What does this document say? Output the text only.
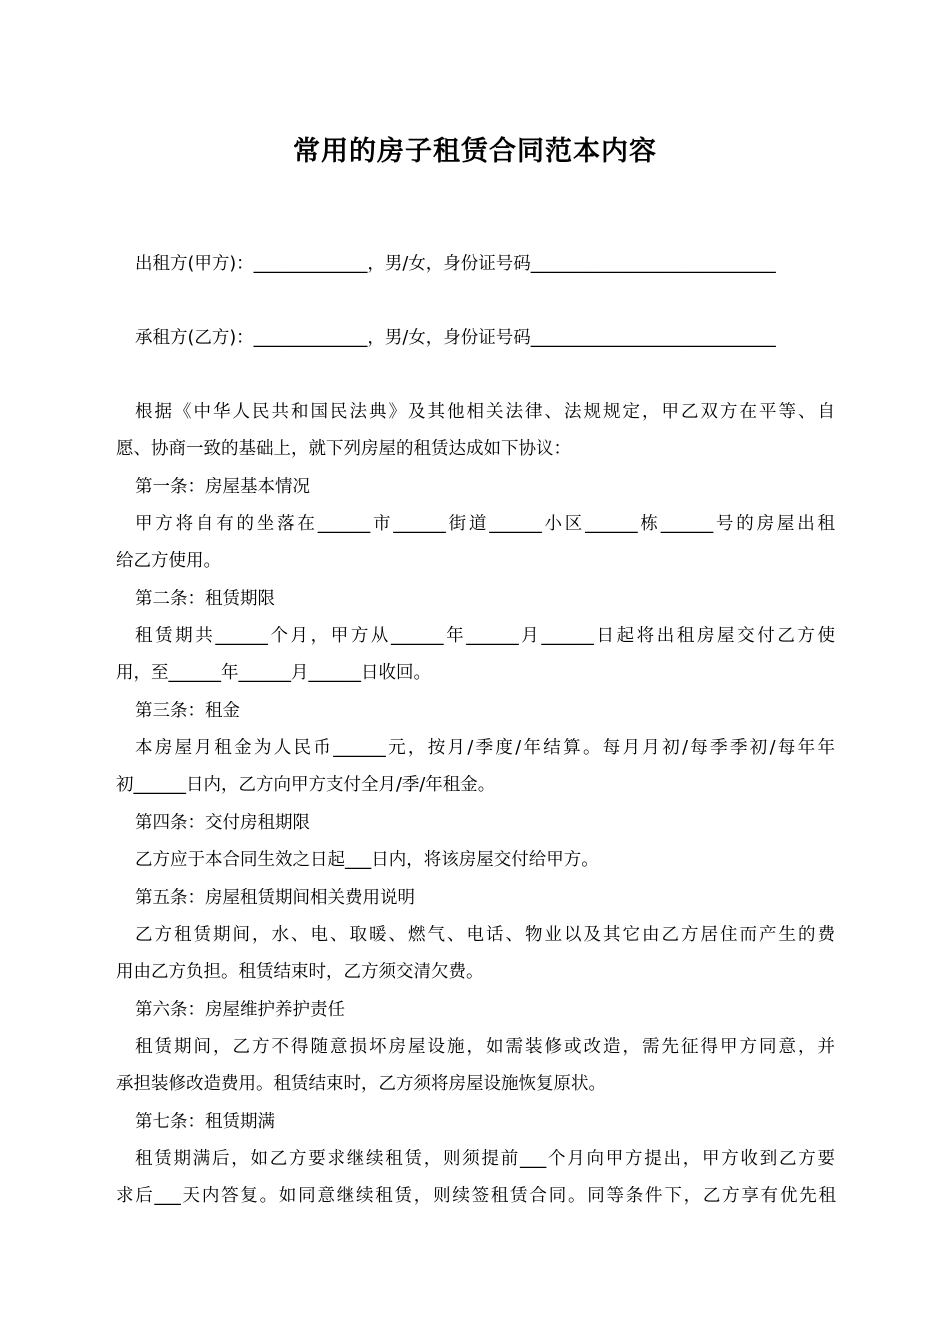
常用的房子租赁合同范本内容

出租方(甲方)：_____________，男/女，身份证号码____________________________

承租方(乙方)：_____________，男/女，身份证号码____________________________

根据《中华人民共和国民法典》及其他相关法律、法规规定，甲乙双方在平等、自

愿、协商一致的基础上，就下列房屋的租赁达成如下协议：

第一条：房屋基本情况

甲方将自有的坐落在______市______街道______小区______栋______号的房屋出租

给乙方使用。

第二条：租赁期限

租赁期共______个月，甲方从______年______月______日起将出租房屋交付乙方使

用，至______年______月______日收回。

第三条：租金

本房屋月租金为人民币______元，按月/季度/年结算。每月月初/每季季初/每年年

初______日内，乙方向甲方支付全月/季/年租金。

第四条：交付房租期限

乙方应于本合同生效之日起___日内，将该房屋交付给甲方。

第五条：房屋租赁期间相关费用说明

乙方租赁期间，水、电、取暖、燃气、电话、物业以及其它由乙方居住而产生的费

用由乙方负担。租赁结束时，乙方须交清欠费。

第六条：房屋维护养护责任

租赁期间，乙方不得随意损坏房屋设施，如需装修或改造，需先征得甲方同意，并

承担装修改造费用。租赁结束时，乙方须将房屋设施恢复原状。

第七条：租赁期满

租赁期满后，如乙方要求继续租赁，则须提前___个月向甲方提出，甲方收到乙方要

求后___天内答复。如同意继续租赁，则续签租赁合同。同等条件下，乙方享有优先租
